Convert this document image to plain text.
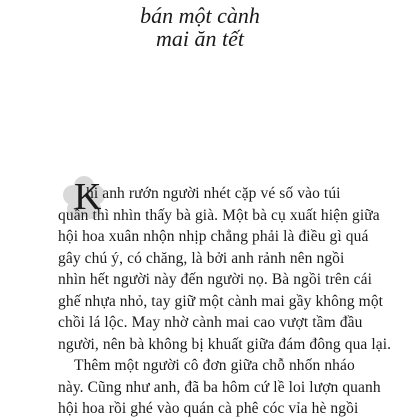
bán một cành
mai ăn tết
K
hi anh rướn người nhét cặp vé số vào túi
quần thì nhìn thấy bà già. Một bà cụ xuất hiện giữa
hội hoa xuân nhộn nhịp chẳng phải là điều gì quá
gây chú ý, có chăng, là bởi anh rảnh nên ngồi
nhìn hết người này đến người nọ. Bà ngồi trên cái
ghế nhựa nhỏ, tay giữ một cành mai gầy không một
chồi lá lộc. May nhờ cành mai cao vượt tầm đầu
người, nên bà không bị khuất giữa đám đông qua lại.
Thêm một người cô đơn giữa chỗ nhốn nháo
này. Cũng như anh, đã ba hôm cứ lề loi lượn quanh
hội hoa rồi ghé vào quán cà phê cóc vỉa hè ngồi
